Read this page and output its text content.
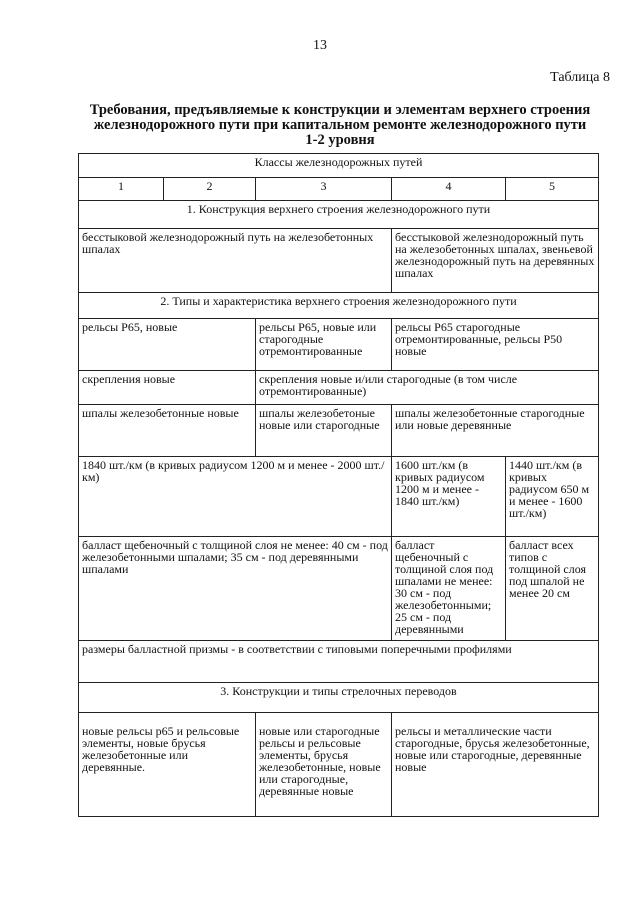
13
Таблица 8
Требования, предъявляемые к конструкции и элементам верхнего строения
железнодорожного пути при капитальном ремонте железнодорожного пути
1-2 уровня
Классы железнодорожных путей				
1	2	3	4	5
1. Конструкция верхнего строения железнодорожного пути				
бесстыковой железнодорожный путь на железобетонных шпалах			бесстыковой железнодорожный путь на железобетонных шпалах, звеньевой железнодорожный путь на деревянных шпалах	
2. Типы и характеристика верхнего строения железнодорожного пути				
рельсы Р65, новые		рельсы Р65, новые или старогодные отремонтированные	рельсы Р65 старогодные отремонтированные, рельсы Р50 новые	
скрепления новые		скрепления новые и/или старогодные (в том числе отремонтированные)		
шпалы железобетонные новые		шпалы железобетоные новые или старогодные	шпалы железобетонные старогодные или новые деревянные	
1840 шт./км (в кривых радиусом 1200 м и менее - 2000 шт./км)			1600 шт./км (в кривых радиусом 1200 м и менее - 1840 шт./км)	1440 шт./км (в кривых радиусом 650 м и менее - 1600 шт./км)
балласт щебеночный с толщиной слоя не менее: 40 см - под железобетонными шпалами; 35 см - под деревянными шпалами			балласт щебеночный с толщиной слоя под шпалами не менее: 30 см - под железобетонными; 25 см - под деревянными	балласт всех типов с толщиной слоя под шпалой не менее 20 см
размеры балластной призмы - в соответствии с типовыми поперечными профилями				
3. Конструкции и типы стрелочных переводов				
новые рельсы р65 и рельсовые элементы, новые брусья железобетонные или деревянные.		новые или старогодные рельсы и рельсовые элементы, брусья железобетонные, новые или старогодные, деревянные новые	рельсы и металлические части старогодные, брусья железобетонные, новые или старогодные, деревянные новые	
